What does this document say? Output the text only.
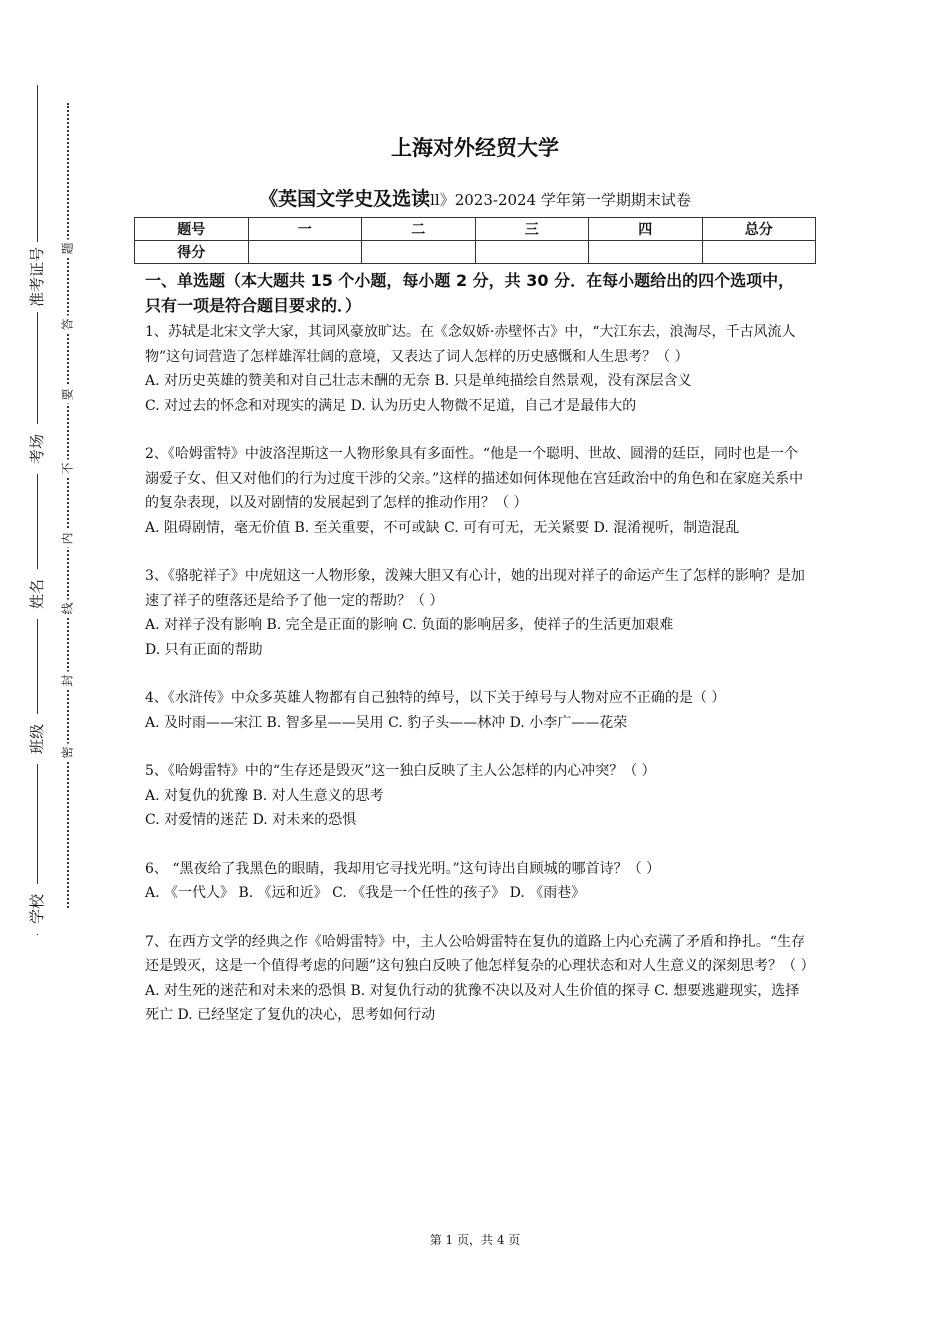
准考证号
考场
姓名
班级
学校
题
答
要
不
内
线
封
密
上海对外经贸大学
《英国文学史及选读ll》2023-2024 学年第一学期期末试卷
题号	一	二	三	四	总分
得分					
一、单选题（本大题共 15 个小题，每小题 2 分，共 30 分．在每小题给出的四个选项中，只有一项是符合题目要求的．）
1、苏轼是北宋文学大家，其词风豪放旷达。在《念奴娇·赤壁怀古》中，“大江东去，浪淘尽，千古风流人物”这句词营造了怎样雄浑壮阔的意境，又表达了词人怎样的历史感慨和人生思考？（ ）
A. 对历史英雄的赞美和对自己壮志未酬的无奈 B. 只是单纯描绘自然景观，没有深层含义
C. 对过去的怀念和对现实的满足 D. 认为历史人物微不足道，自己才是最伟大的
2、《哈姆雷特》中波洛涅斯这一人物形象具有多面性。“他是一个聪明、世故、圆滑的廷臣，同时也是一个溺爱子女、但又对他们的行为过度干涉的父亲。”这样的描述如何体现他在宫廷政治中的角色和在家庭关系中的复杂表现，以及对剧情的发展起到了怎样的推动作用？（ ）
A. 阻碍剧情，毫无价值 B. 至关重要，不可或缺 C. 可有可无，无关紧要 D. 混淆视听，制造混乱
3、《骆驼祥子》中虎妞这一人物形象，泼辣大胆又有心计，她的出现对祥子的命运产生了怎样的影响？是加速了祥子的堕落还是给予了他一定的帮助？（ ）
A. 对祥子没有影响 B. 完全是正面的影响 C. 负面的影响居多，使祥子的生活更加艰难
D. 只有正面的帮助
4、《水浒传》中众多英雄人物都有自己独特的绰号，以下关于绰号与人物对应不正确的是（ ）
A. 及时雨——宋江 B. 智多星——吴用 C. 豹子头——林冲 D. 小李广——花荣
5、《哈姆雷特》中的“生存还是毁灭”这一独白反映了主人公怎样的内心冲突？（ ）
A. 对复仇的犹豫 B. 对人生意义的思考
C. 对爱情的迷茫 D. 对未来的恐惧
6、 “黑夜给了我黑色的眼睛，我却用它寻找光明。”这句诗出自顾城的哪首诗？（ ）
A. 《一代人》 B. 《远和近》 C. 《我是一个任性的孩子》 D. 《雨巷》
7、在西方文学的经典之作《哈姆雷特》中，主人公哈姆雷特在复仇的道路上内心充满了矛盾和挣扎。“生存还是毁灭，这是一个值得考虑的问题”这句独白反映了他怎样复杂的心理状态和对人生意义的深刻思考？（ ）
A. 对生死的迷茫和对未来的恐惧 B. 对复仇行动的犹豫不决以及对人生价值的探寻 C. 想要逃避现实，选择死亡 D. 已经坚定了复仇的决心，思考如何行动
第 1 页，共 4 页
